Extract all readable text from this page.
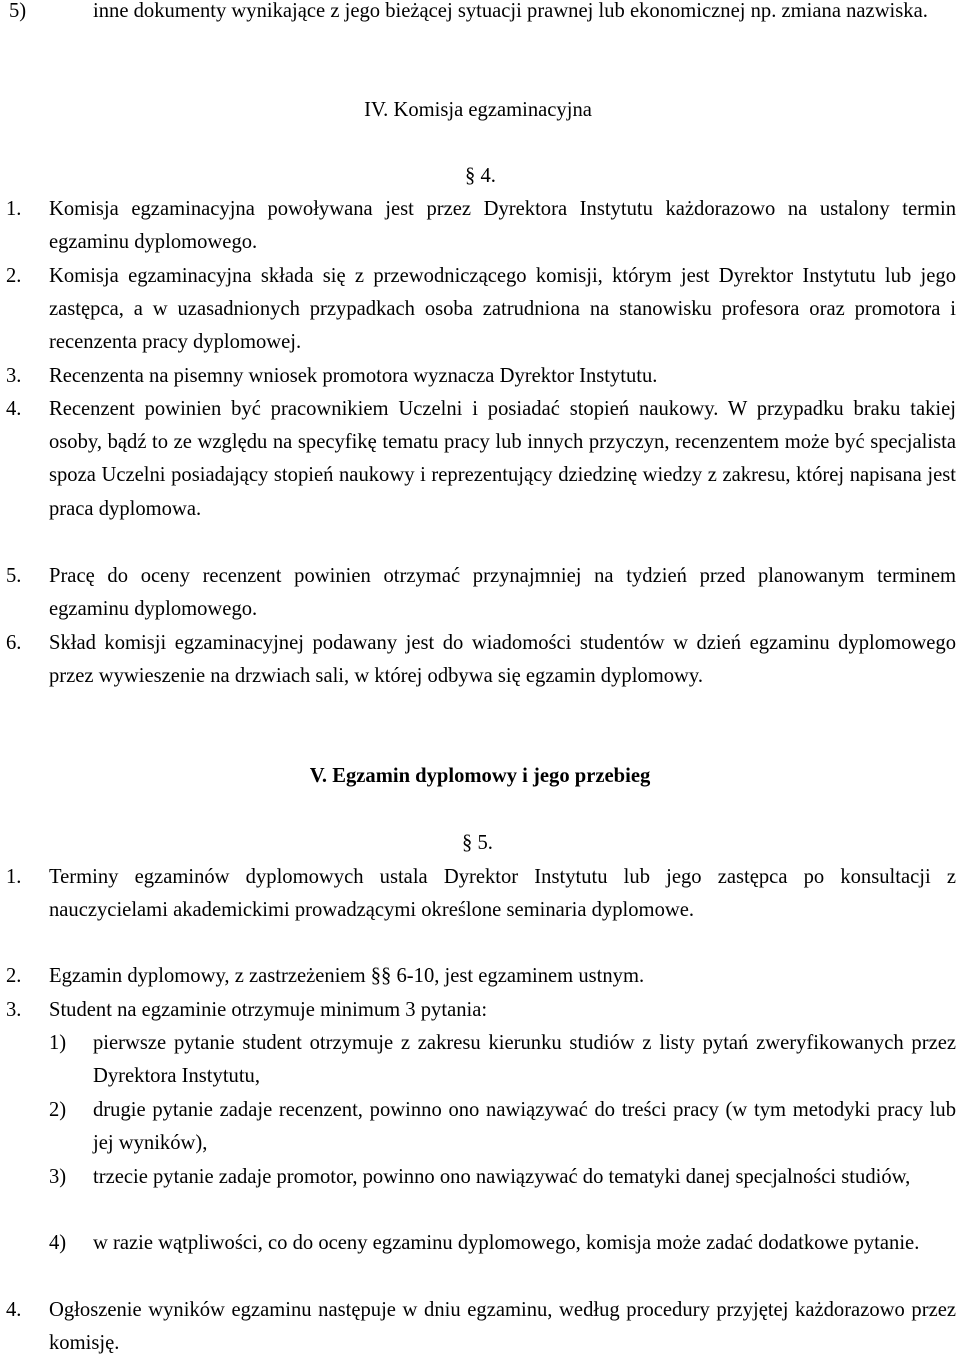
5)	inne dokumenty wynikające z jego bieżącej sytuacji prawnej lub ekonomicznej np. zmiana nazwiska.
IV. Komisja egzaminacyjna
§ 4.
1.	Komisja egzaminacyjna powoływana jest przez Dyrektora Instytutu każdorazowo na ustalony termin egzaminu dyplomowego.
2.	Komisja egzaminacyjna składa się z przewodniczącego komisji, którym jest Dyrektor Instytutu lub jego zastępca, a w uzasadnionych przypadkach osoba zatrudniona na stanowisku profesora oraz promotora i recenzenta pracy dyplomowej.
3.	Recenzenta na pisemny wniosek promotora wyznacza Dyrektor Instytutu.
4.	Recenzent powinien być pracownikiem Uczelni i posiadać stopień naukowy. W przypadku braku takiej osoby, bądź to ze względu na specyfikę tematu pracy lub innych przyczyn, recenzentem może być specjalista spoza Uczelni posiadający stopień naukowy i reprezentujący dziedzinę wiedzy z zakresu, której napisana jest praca dyplomowa.
5.	Pracę do oceny recenzent powinien otrzymać przynajmniej na tydzień przed planowanym terminem egzaminu dyplomowego.
6.	Skład komisji egzaminacyjnej podawany jest do wiadomości studentów w dzień egzaminu dyplomowego przez wywieszenie na drzwiach sali, w której odbywa się egzamin dyplomowy.
V. Egzamin dyplomowy i jego przebieg
§ 5.
1.	Terminy egzaminów dyplomowych ustala Dyrektor Instytutu lub jego zastępca po konsultacji z nauczycielami akademickimi prowadzącymi określone seminaria dyplomowe.
2.	Egzamin dyplomowy, z zastrzeżeniem §§ 6-10, jest egzaminem ustnym.
3.	Student na egzaminie otrzymuje minimum 3 pytania:
1)	pierwsze pytanie student otrzymuje z zakresu kierunku studiów z listy pytań zweryfikowanych przez Dyrektora Instytutu,
2)	drugie pytanie zadaje recenzent, powinno ono nawiązywać do treści pracy (w tym metodyki pracy lub jej wyników),
3)	trzecie pytanie zadaje promotor, powinno ono nawiązywać do tematyki danej specjalności studiów,
4)	w razie wątpliwości, co do oceny egzaminu dyplomowego, komisja może zadać dodatkowe pytanie.
4.	Ogłoszenie wyników egzaminu następuje w dniu egzaminu, według procedury przyjętej każdorazowo przez komisję.
